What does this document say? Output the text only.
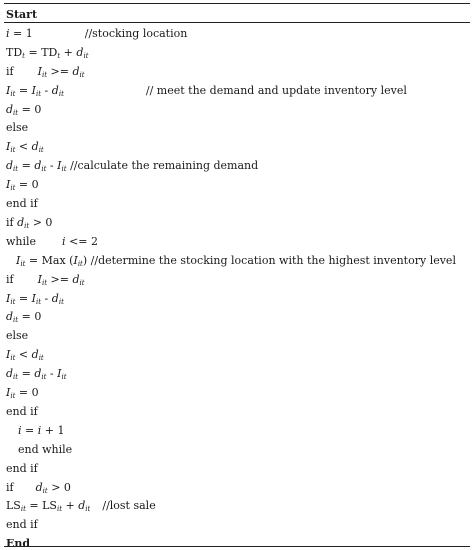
Start
i = 1	//stocking location
$TD_t = TD_t + d_{it}$
if $I_{it} >= d_{it}$
$I_{it} = I_{it} - d_{it}$	// meet the demand and update inventory level
$d_{it} = 0$
else
$I_{it} < d_{it}$
$d_{it} = d_{it} - I_{it}$ //calculate the remaining demand
$I_{it} = 0$
end if
if $d_{it} > 0$
while i <= 2
$I_{it}$ = Max $(I_{it})$ //determine the stocking location with the highest inventory level
if $I_{it} >= d_{it}$
$I_{it} = I_{it} - d_{it}$
$d_{it} = 0$
else
$I_{it} < d_{it}$
$d_{it} = d_{it} - I_{it}$
$I_{it} = 0$
end if
i = i + 1
end while
end if
if $d_{it} > 0$
$LS_{it} = LS_{it} + d_{it}$ //lost sale
end if
End
